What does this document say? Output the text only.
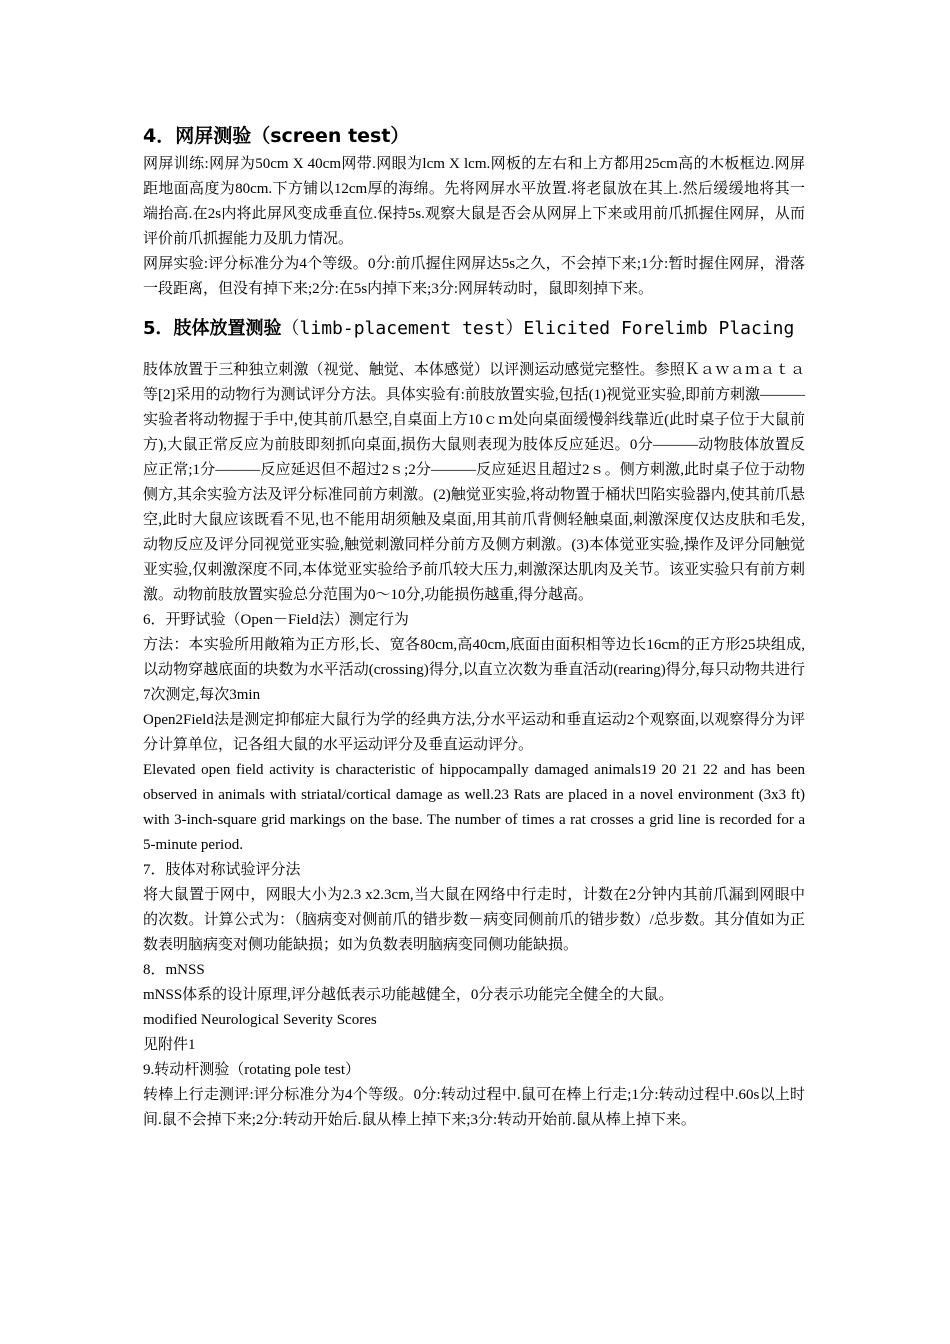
4．网屏测验（screen test）

网屏训练:网屏为50cm X 40cm网带.网眼为lcm X lcm.网板的左右和上方都用25cm高的木板框边.网屏距地面高度为80cm.下方铺以12cm厚的海绵。先将网屏水平放置.将老鼠放在其上.然后缓缓地将其一端抬高.在2s内将此屏风变成垂直位.保持5s.观察大鼠是否会从网屏上下来或用前爪抓握住网屏，从而评价前爪抓握能力及肌力情况。

网屏实验:评分标准分为4个等级。0分:前爪握住网屏达5s之久，不会掉下来;1分:暂时握住网屏，滑落一段距离，但没有掉下来;2分:在5s内掉下来;3分:网屏转动时，鼠即刻掉下来。

5．肢体放置测验（limb-placement test）Elicited Forelimb Placing

肢体放置于三种独立刺激（视觉、触觉、本体感觉）以评测运动感觉完整性。参照Ｋａｗａｍａｔａ等[2]采用的动物行为测试评分方法。具体实验有:前肢放置实验,包括(1)视觉亚实验,即前方刺激———实验者将动物握于手中,使其前爪悬空,自桌面上方10ｃｍ处向桌面缓慢斜线靠近(此时桌子位于大鼠前方),大鼠正常反应为前肢即刻抓向桌面,损伤大鼠则表现为肢体反应延迟。0分———动物肢体放置反应正常;1分———反应延迟但不超过2ｓ;2分———反应延迟且超过2ｓ。侧方刺激,此时桌子位于动物侧方,其余实验方法及评分标准同前方刺激。(2)触觉亚实验,将动物置于桶状凹陷实验器内,使其前爪悬空,此时大鼠应该既看不见,也不能用胡须触及桌面,用其前爪背侧轻触桌面,刺激深度仅达皮肤和毛发,动物反应及评分同视觉亚实验,触觉刺激同样分前方及侧方刺激。(3)本体觉亚实验,操作及评分同触觉亚实验,仅刺激深度不同,本体觉亚实验给予前爪较大压力,刺激深达肌肉及关节。该亚实验只有前方刺激。动物前肢放置实验总分范围为0～10分,功能损伤越重,得分越高。

6．开野试验（Open－Field法）测定行为

方法：本实验所用敞箱为正方形,长、宽各80cm,高40cm,底面由面积相等边长16cm的正方形25块组成,以动物穿越底面的块数为水平活动(crossing)得分,以直立次数为垂直活动(rearing)得分,每只动物共进行7次测定,每次3min

Open2Field法是测定抑郁症大鼠行为学的经典方法,分水平运动和垂直运动2个观察面,以观察得分为评分计算单位，记各组大鼠的水平运动评分及垂直运动评分。

Elevated open field activity is characteristic of hippocampally damaged animals19 20 21 22 and has been observed in animals with striatal/cortical damage as well.23 Rats are placed in a novel environment (3x3 ft) with 3-inch-square grid markings on the base. The number of times a rat crosses a grid line is recorded for a 5-minute period.

7．肢体对称试验评分法

将大鼠置于网中，网眼大小为2.3 x2.3cm,当大鼠在网络中行走时，计数在2分钟内其前爪漏到网眼中的次数。计算公式为：（脑病变对侧前爪的错步数－病变同侧前爪的错步数）/总步数。其分值如为正数表明脑病变对侧功能缺损；如为负数表明脑病变同侧功能缺损。

8．mNSS

mNSS体系的设计原理,评分越低表示功能越健全，0分表示功能完全健全的大鼠。

modified Neurological Severity Scores

见附件1

9.转动杆测验（rotating pole test）

转棒上行走测评:评分标准分为4个等级。0分:转动过程中.鼠可在棒上行走;1分:转动过程中.60s以上时间.鼠不会掉下来;2分:转动开始后.鼠从棒上掉下来;3分:转动开始前.鼠从棒上掉下来。
